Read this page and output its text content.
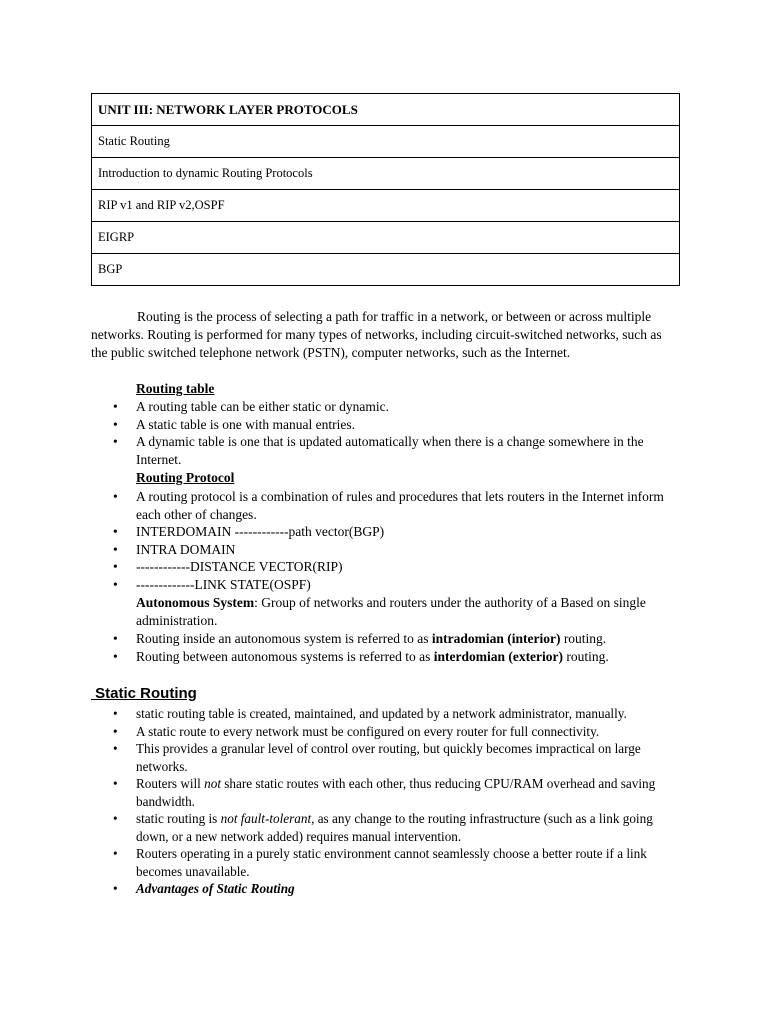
UNIT III: NETWORK LAYER PROTOCOLS
Static Routing
Introduction to dynamic Routing Protocols
RIP v1 and RIP v2,OSPF
EIGRP
BGP

Routing is the process of selecting a path for traffic in a network, or between or across multiple networks. Routing is performed for many types of networks, including circuit-switched networks, such as the public switched telephone network (PSTN), computer networks, such as the Internet.

Routing table
• A routing table can be either static or dynamic.
• A static table is one with manual entries.
• A dynamic table is one that is updated automatically when there is a change somewhere in the Internet.
Routing Protocol
• A routing protocol is a combination of rules and procedures that lets routers in the Internet inform each other of changes.
• INTERDOMAIN ------------path vector(BGP)
• INTRA DOMAIN
• ------------DISTANCE VECTOR(RIP)
• -------------LINK STATE(OSPF)

Autonomous System: Group of networks and routers under the authority of a Based on single administration.

• Routing inside an autonomous system is referred to as intradomian (interior) routing.
• Routing between autonomous systems is referred to as interdomian (exterior) routing.
Static Routing
• static routing table is created, maintained, and updated by a network administrator, manually.
• A static route to every network must be configured on every router for full connectivity.
• This provides a granular level of control over routing, but quickly becomes impractical on large networks.
• Routers will not share static routes with each other, thus reducing CPU/RAM overhead and saving bandwidth.
• static routing is not fault-tolerant, as any change to the routing infrastructure (such as a link going down, or a new network added) requires manual intervention.
• Routers operating in a purely static environment cannot seamlessly choose a better route if a link becomes unavailable.
• Advantages of Static Routing
